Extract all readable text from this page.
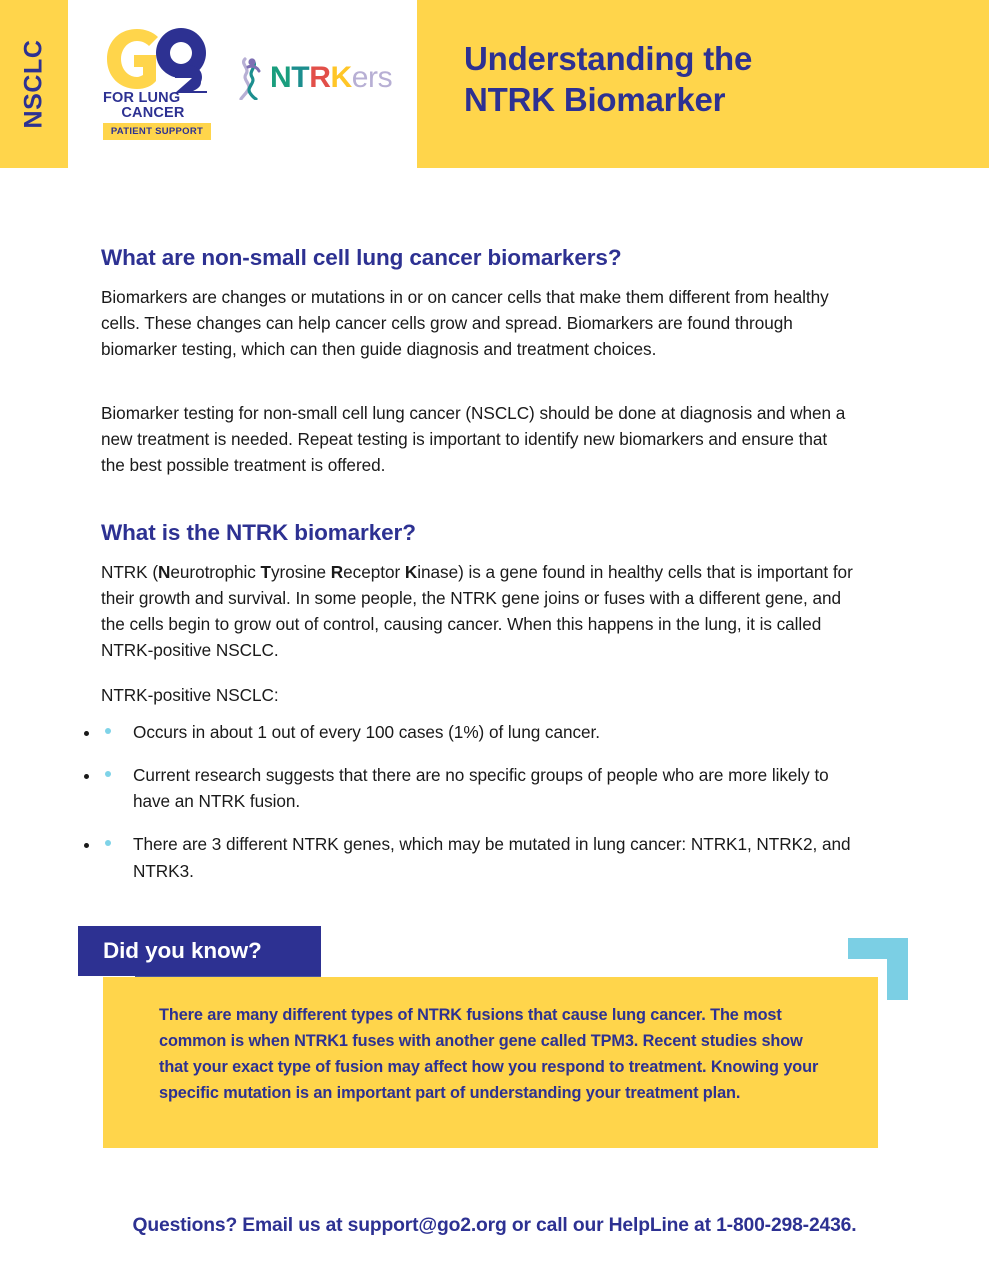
NSCLC	FOR LUNG
CANCER
PATIENT SUPPORT
NTRKers
Understanding the
NTRK Biomarker
What are non-small cell lung cancer biomarkers?

Biomarkers are changes or mutations in or on cancer cells that make them different from healthy cells. These changes can help cancer cells grow and spread. Biomarkers are found through biomarker testing, which can then guide diagnosis and treatment choices.

Biomarker testing for non-small cell lung cancer (NSCLC) should be done at diagnosis and when a new treatment is needed. Repeat testing is important to identify new biomarkers and ensure that the best possible treatment is offered.

What is the NTRK biomarker?

NTRK (Neurotrophic Tyrosine Receptor Kinase) is a gene found in healthy cells that is important for their growth and survival. In some people, the NTRK gene joins or fuses with a different gene, and the cells begin to grow out of control, causing cancer. When this happens in the lung, it is called NTRK-positive NSCLC.

NTRK-positive NSCLC:

• Occurs in about 1 out of every 100 cases (1%) of lung cancer.
• Current research suggests that there are no specific groups of people who are more likely to have an NTRK fusion.
• There are 3 different NTRK genes, which may be mutated in lung cancer: NTRK1, NTRK2, and NTRK3.
Did you know?

There are many different types of NTRK fusions that cause lung cancer. The most common is when NTRK1 fuses with another gene called TPM3. Recent studies show that your exact type of fusion may affect how you respond to treatment. Knowing your specific mutation is an important part of understanding your treatment plan.

Questions? Email us at support@go2.org or call our HelpLine at 1-800-298-2436.
